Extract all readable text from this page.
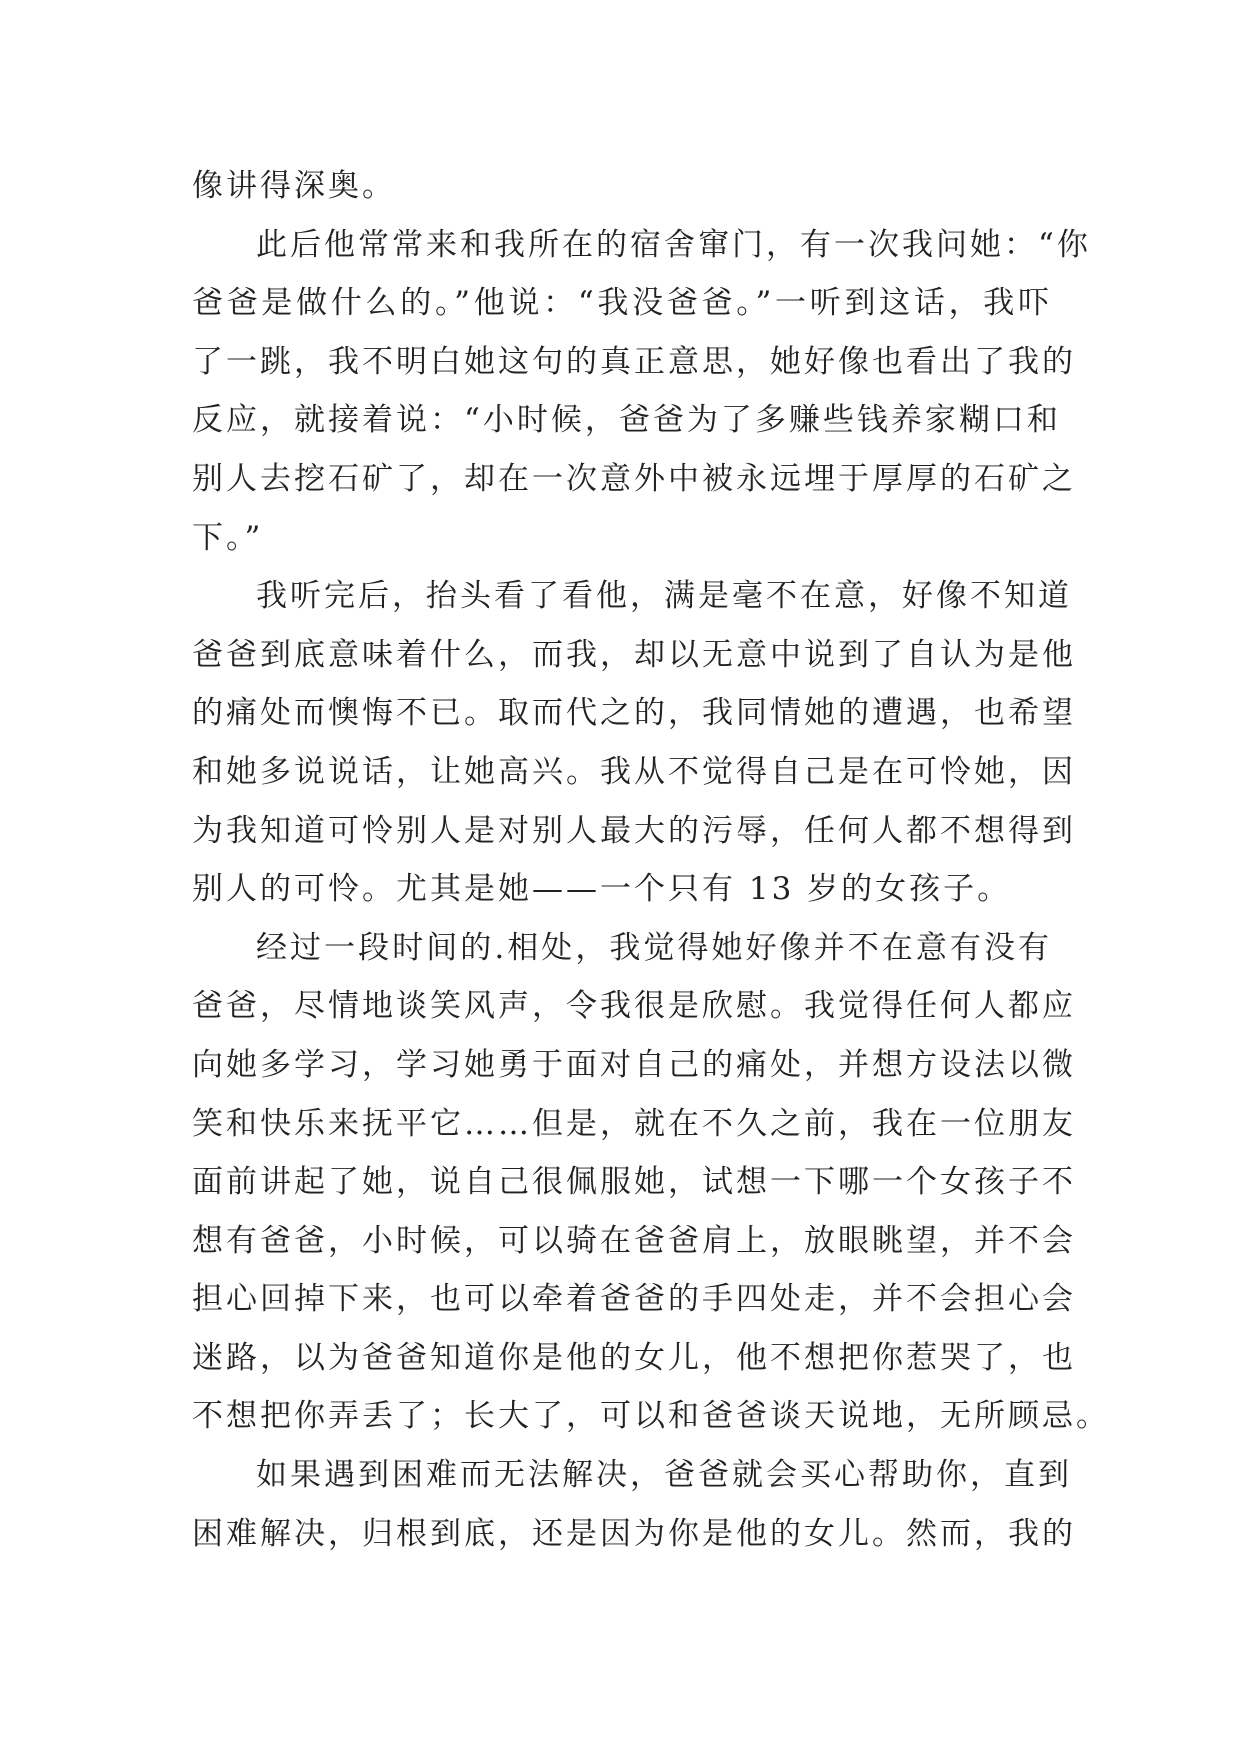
像讲得深奥。
此后他常常来和我所在的宿舍窜门，有一次我问她：“你
爸爸是做什么的。”他说：“我没爸爸。”一听到这话，我吓
了一跳，我不明白她这句的真正意思，她好像也看出了我的
反应，就接着说：“小时候，爸爸为了多赚些钱养家糊口和
别人去挖石矿了，却在一次意外中被永远埋于厚厚的石矿之
下。”
我听完后，抬头看了看他，满是毫不在意，好像不知道
爸爸到底意味着什么，而我，却以无意中说到了自认为是他
的痛处而懊悔不已。取而代之的，我同情她的遭遇，也希望
和她多说说话，让她高兴。我从不觉得自己是在可怜她，因
为我知道可怜别人是对别人最大的污辱，任何人都不想得到
别人的可怜。尤其是她——一个只有 13 岁的女孩子。
经过一段时间的.相处，我觉得她好像并不在意有没有
爸爸，尽情地谈笑风声，令我很是欣慰。我觉得任何人都应
向她多学习，学习她勇于面对自己的痛处，并想方设法以微
笑和快乐来抚平它……但是，就在不久之前，我在一位朋友
面前讲起了她，说自己很佩服她，试想一下哪一个女孩子不
想有爸爸，小时候，可以骑在爸爸肩上，放眼眺望，并不会
担心回掉下来，也可以牵着爸爸的手四处走，并不会担心会
迷路，以为爸爸知道你是他的女儿，他不想把你惹哭了，也
不想把你弄丢了；长大了，可以和爸爸谈天说地，无所顾忌。
如果遇到困难而无法解决，爸爸就会买心帮助你，直到
困难解决，归根到底，还是因为你是他的女儿。然而，我的
